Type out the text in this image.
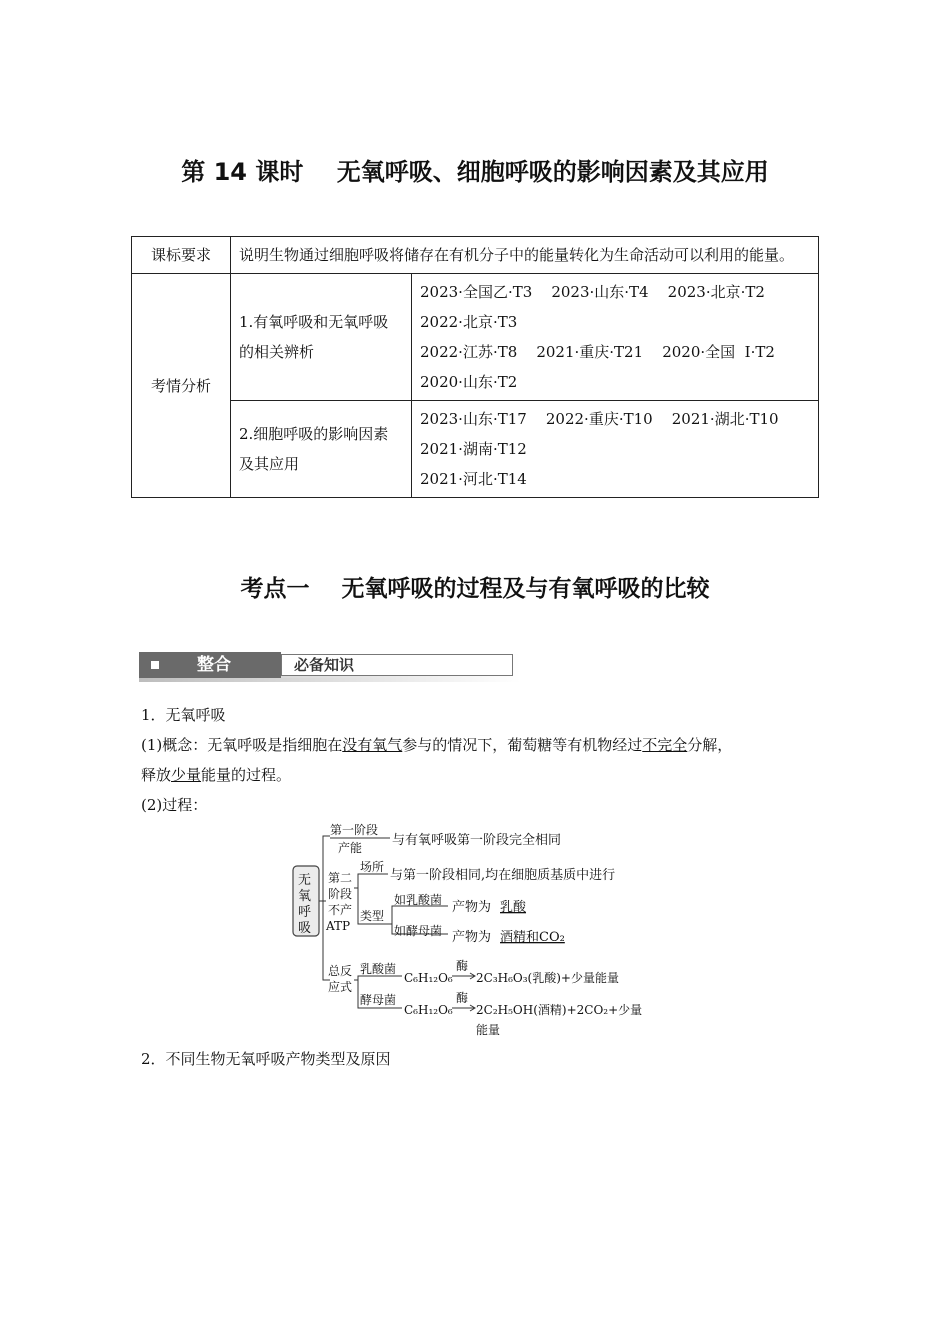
第 14 课时    无氧呼吸、细胞呼吸的影响因素及其应用
课标要求	说明生物通过细胞呼吸将储存在有机分子中的能量转化为生命活动可以利用的能量。	
考情分析	1.有氧呼吸和无氧呼吸的相关辨析	2023·全国乙·T3    2023·山东·T4    2023·北京·T2
2022·北京·T3
2022·江苏·T8    2021·重庆·T21    2020·全国  Ⅰ·T2
2020·山东·T2

	2.细胞呼吸的影响因素及其应用	2023·山东·T17    2022·重庆·T10    2021·湖北·T10
2021·湖南·T12
2021·河北·T14
考点一    无氧呼吸的过程及与有氧呼吸的比较
整合	必备知识
1．无氧呼吸
(1)概念：无氧呼吸是指细胞在没有氧气参与的情况下，葡萄糖等有机物经过不完全分解，
释放少量能量的过程。
(2)过程：
无
氧
呼
吸
第一阶段
产能 与有氧呼吸第一阶段完全相同
第二
阶段
不产
ATP
场所
与第一阶段相同,均在细胞质基质中进行
类型
如乳酸菌 产物为 乳酸
如酵母菌 产物为 酒精和CO₂
总反
应式
乳酸菌
酵母菌
C₆H₁₂O₆
酶
2C₃H₆O₃(乳酸)+少量能量
C₆H₁₂O₆
酶
2C₂H₅OH(酒精)+2CO₂+少量
能量
2．不同生物无氧呼吸产物类型及原因
